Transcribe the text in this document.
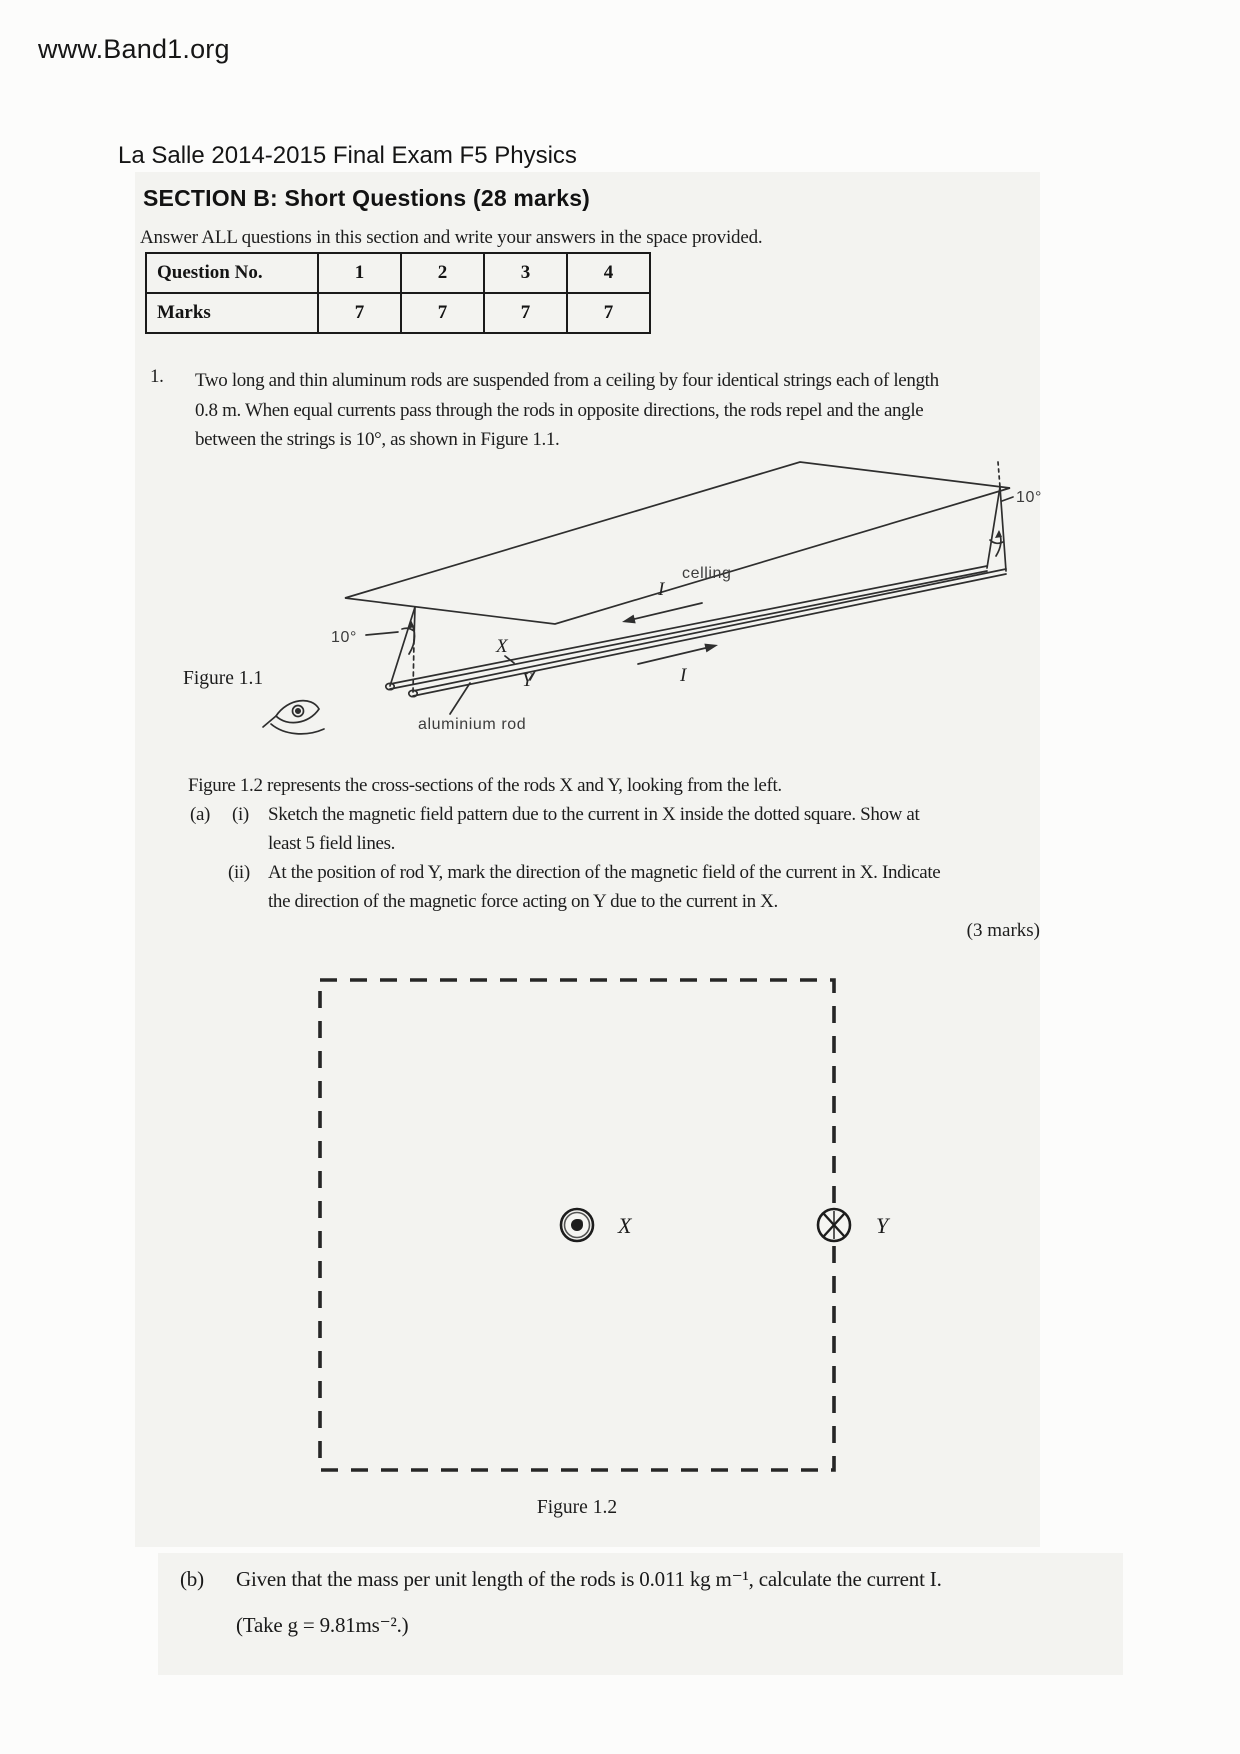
www.Band1.org
La Salle 2014-2015 Final Exam F5 Physics
SECTION B: Short Questions (28 marks)
Answer ALL questions in this section and write your answers in the space provided.
Question No.	1	2	3	4
Marks	7	7	7	7
1. Two long and thin aluminum rods are suspended from a ceiling by four identical strings each of length
0.8 m. When equal currents pass through the rods in opposite directions, the rods repel and the angle
between the strings is 10°, as shown in Figure 1.1.
Figure 1.1
celling
10°
10°
X
Y
I
I
aluminium rod
Figure 1.2 represents the cross-sections of the rods X and Y, looking from the left.
(a) (i) Sketch the magnetic field pattern due to the current in X inside the dotted square. Show at
least 5 field lines.
(ii) At the position of rod Y, mark the direction of the magnetic field of the current in X. Indicate
the direction of the magnetic force acting on Y due to the current in X.
(3 marks)
X	Y
Figure 1.2
(b) Given that the mass per unit length of the rods is 0.011 kg m⁻¹, calculate the current I.
(Take g = 9.81ms⁻².)
